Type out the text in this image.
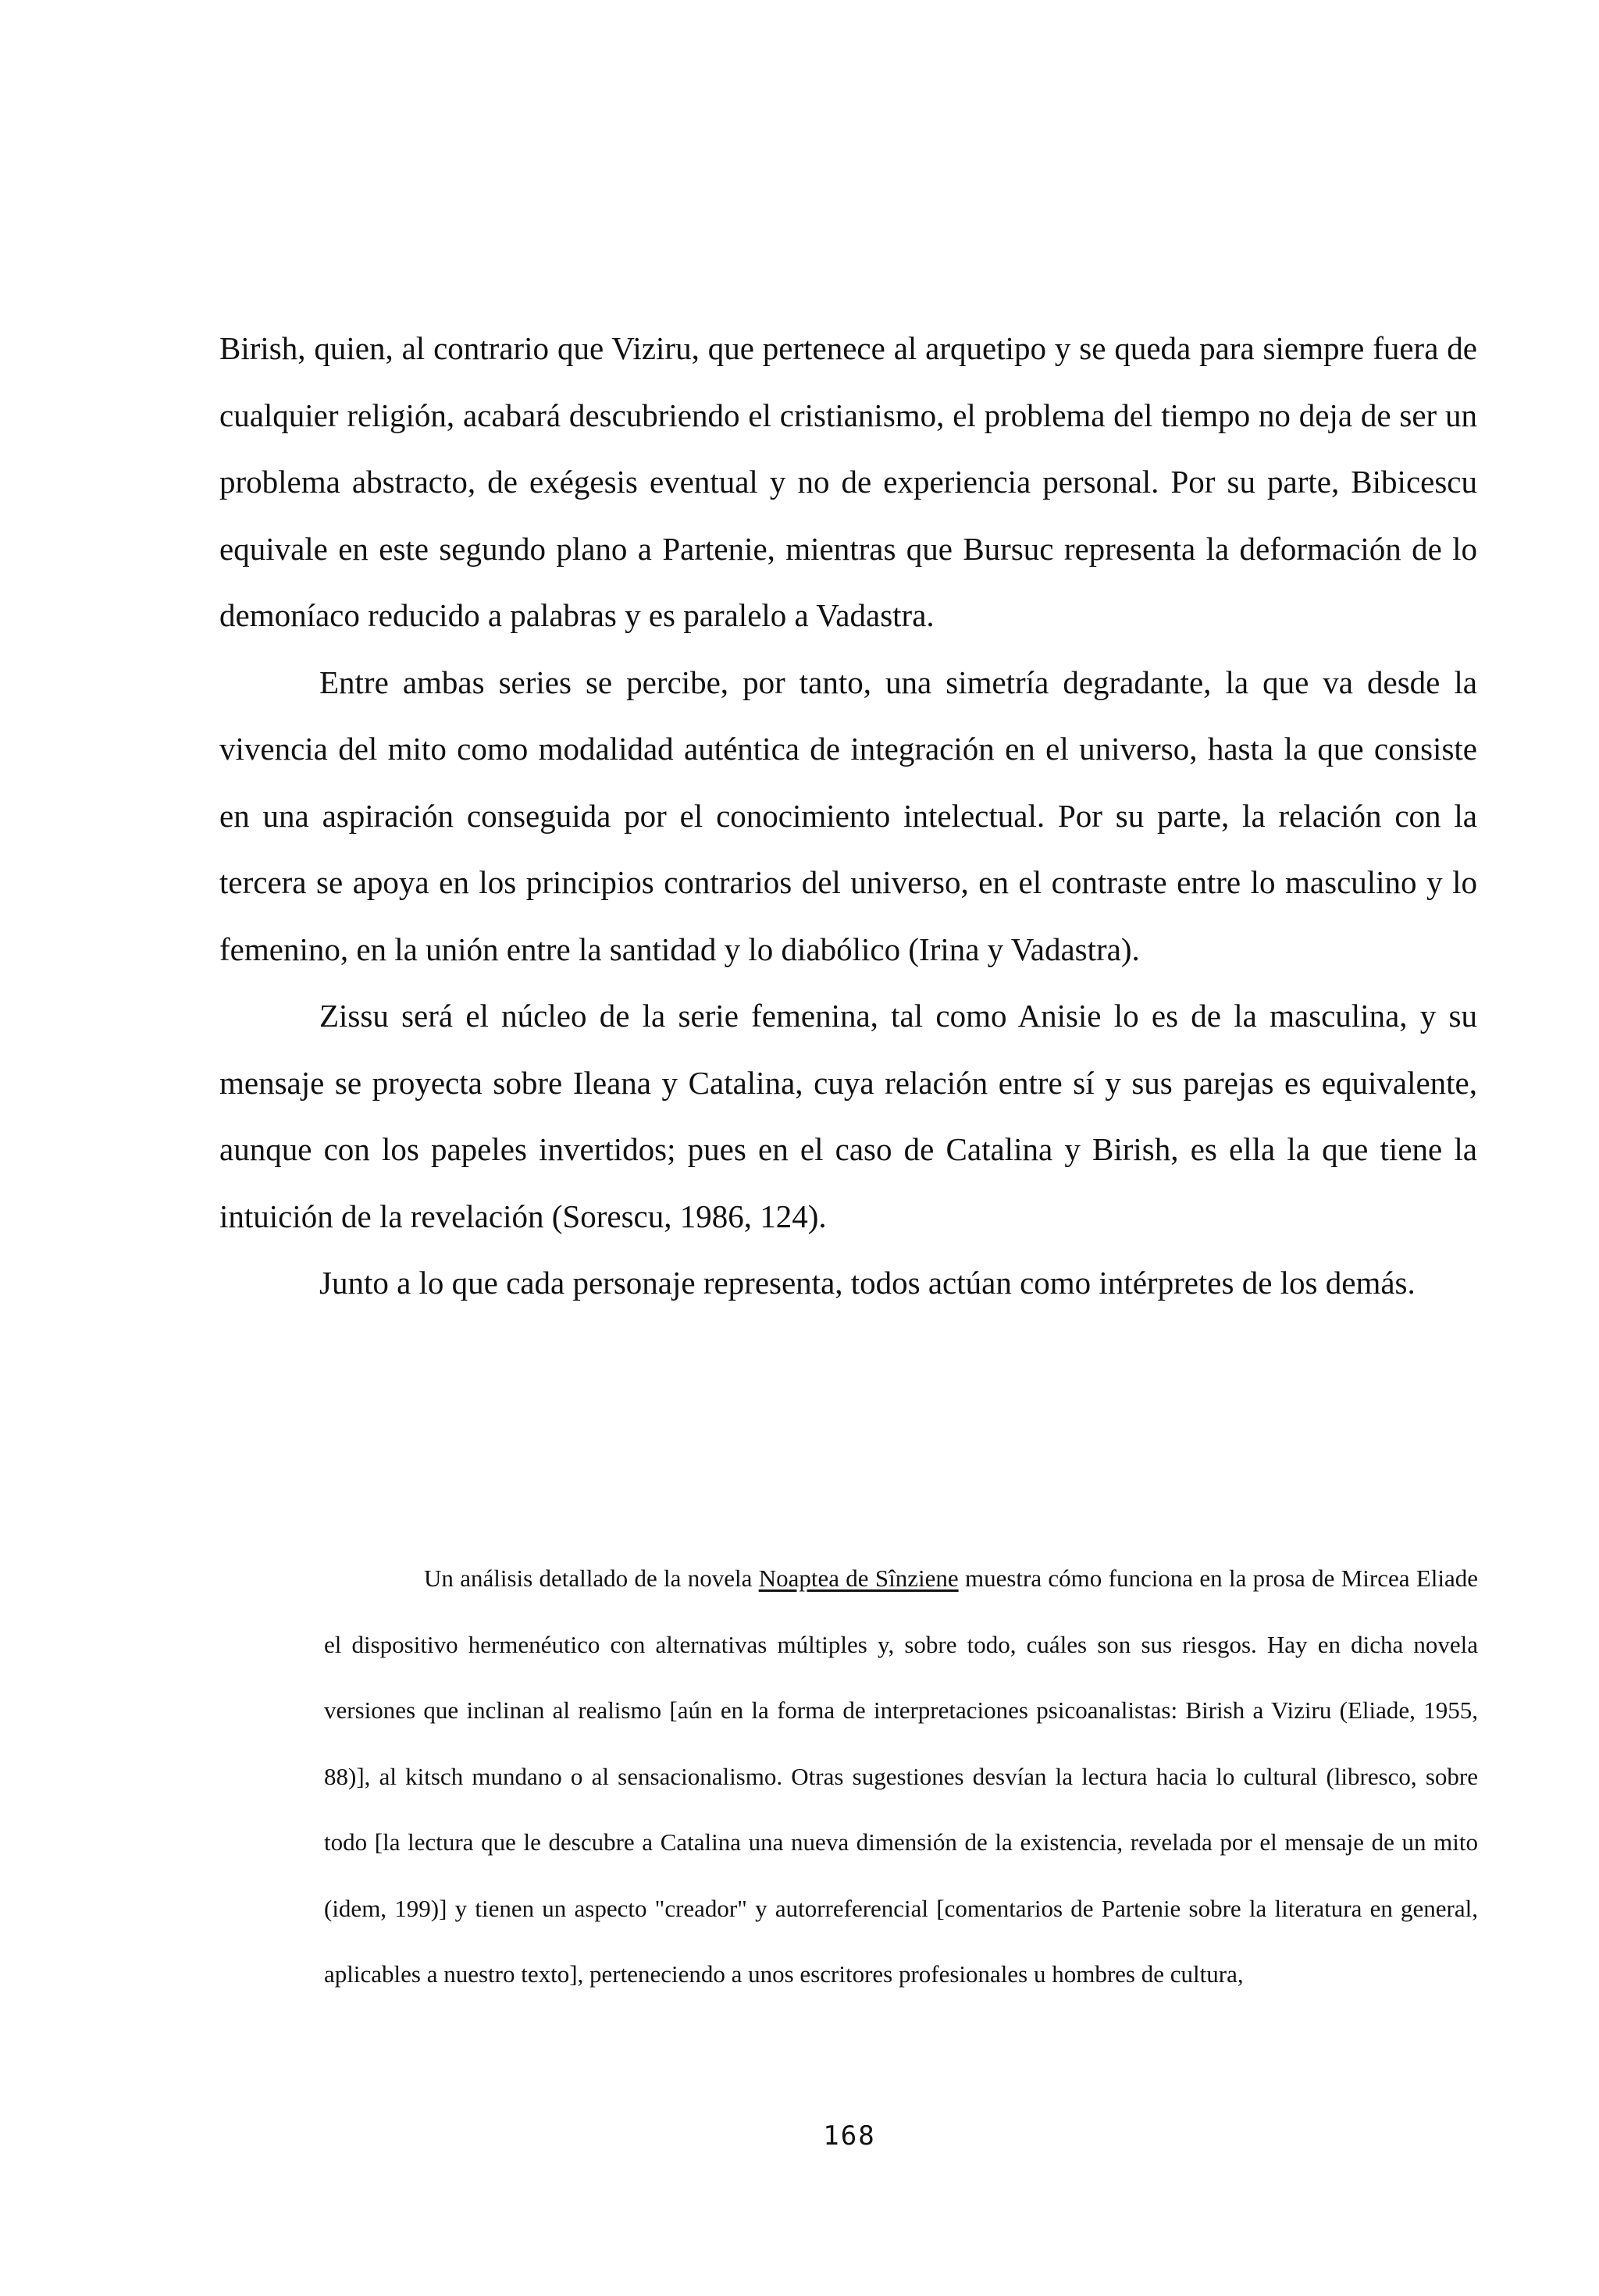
Birish, quien, al contrario que Viziru, que pertenece al arquetipo y se queda para siempre fuera de cualquier religión, acabará descubriendo el cristianismo, el problema del tiempo no deja de ser un problema abstracto, de exégesis eventual y no de experiencia personal. Por su parte, Bibicescu equivale en este segundo plano a Partenie, mientras que Bursuc representa la deformación de lo demoníaco reducido a palabras y es paralelo a Vadastra.

Entre ambas series se percibe, por tanto, una simetría degradante, la que va desde la vivencia del mito como modalidad auténtica de integración en el universo, hasta la que consiste en una aspiración conseguida por el conocimiento intelectual. Por su parte, la relación con la tercera se apoya en los principios contrarios del universo, en el contraste entre lo masculino y lo femenino, en la unión entre la santidad y lo diabólico (Irina y Vadastra).

Zissu será el núcleo de la serie femenina, tal como Anisie lo es de la masculina, y su mensaje se proyecta sobre Ileana y Catalina, cuya relación entre sí y sus parejas es equivalente, aunque con los papeles invertidos; pues en el caso de Catalina y Birish, es ella la que tiene la intuición de la revelación (Sorescu, 1986, 124).

Junto a lo que cada personaje representa, todos actúan como intérpretes de los demás.

Un análisis detallado de la novela Noaptea de Sînziene muestra cómo funciona en la prosa de Mircea Eliade el dispositivo hermenéutico con alternativas múltiples y, sobre todo, cuáles son sus riesgos. Hay en dicha novela versiones que inclinan al realismo [aún en la forma de interpretaciones psicoanalistas: Birish a Viziru (Eliade, 1955, 88)], al kitsch mundano o al sensacionalismo. Otras sugestiones desvían la lectura hacia lo cultural (libresco, sobre todo [la lectura que le descubre a Catalina una nueva dimensión de la existencia, revelada por el mensaje de un mito (idem, 199)] y tienen un aspecto "creador" y autorreferencial [comentarios de Partenie sobre la literatura en general, aplicables a nuestro texto], perteneciendo a unos escritores profesionales u hombres de cultura,

168
